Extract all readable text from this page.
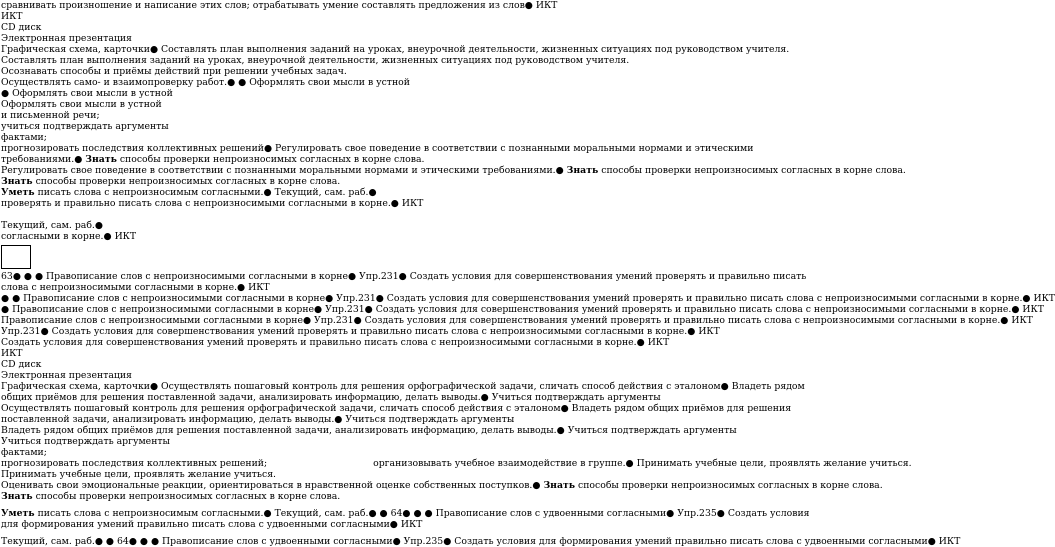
сравнивать произношение и написание этих слов; отрабатывать умение составлять предложения из слов● ИКТ
ИКТ
CD диск
Электронная презентация
Графическая схема, карточки● Составлять план выполнения заданий на уроках, внеурочной деятельности, жизненных ситуациях под руководством учителя.
Составлять план выполнения заданий на уроках, внеурочной деятельности, жизненных ситуациях под руководством учителя.
Осознавать способы и приёмы действий при решении учебных задач.
Осуществлять само- и взаимопроверку работ.● ● Оформлять свои мысли в устной
● Оформлять свои мысли в устной
Оформлять свои мысли в устной
и письменной речи;
учиться подтверждать аргументы
фактами;
прогнозировать последствия коллективных решений● Регулировать свое поведение в соответствии с познанными моральными нормами и этическими требованиями.● Знать способы проверки непроизносимых согласных в корне слова.
Регулировать свое поведение в соответствии с познанными моральными нормами и этическими требованиями.● Знать способы проверки непроизносимых согласных в корне слова.
Знать способы проверки непроизносимых согласных в корне слова.
Уметь писать слова с непроизносимым согласными.● Текущий, сам. раб.●
проверять и правильно писать слова с непроизносимыми согласными в корне.● ИКТ
Текущий, сам. раб.●
согласными в корне.● ИКТ
63● ● ● Правописание слов с непроизносимыми согласными в корне● Упр.231● Создать условия для совершенствования умений проверять и правильно писать слова с непроизносимыми согласными в корне.● ИКТ
● ● Правописание слов с непроизносимыми согласными в корне● Упр.231● Создать условия для совершенствования умений проверять и правильно писать слова с непроизносимыми согласными в корне.● ИКТ
● Правописание слов с непроизносимыми согласными в корне● Упр.231● Создать условия для совершенствования умений проверять и правильно писать слова с непроизносимыми согласными в корне.● ИКТ
Правописание слов с непроизносимыми согласными в корне● Упр.231● Создать условия для совершенствования умений проверять и правильно писать слова с непроизносимыми согласными в корне.● ИКТ
Упр.231● Создать условия для совершенствования умений проверять и правильно писать слова с непроизносимыми согласными в корне.● ИКТ
Создать условия для совершенствования умений проверять и правильно писать слова с непроизносимыми согласными в корне.● ИКТ
ИКТ
CD диск
Электронная презентация
Графическая схема, карточки● Осуществлять пошаговый контроль для решения орфографической задачи, сличать способ действия с эталоном● Владеть рядом общих приёмов для решения поставленной задачи, анализировать информацию, делать выводы.● Учиться подтверждать аргументы
Осуществлять пошаговый контроль для решения орфографической задачи, сличать способ действия с эталоном● Владеть рядом общих приёмов для решения поставленной задачи, анализировать информацию, делать выводы.● Учиться подтверждать аргументы
Владеть рядом общих приёмов для решения поставленной задачи, анализировать информацию, делать выводы.● Учиться подтверждать аргументы
Учиться подтверждать аргументы
фактами;
прогнозировать последствия коллективных решений;	организовывать учебное взаимодействие в группе.● Принимать учебные цели, проявлять желание учиться.
Принимать учебные цели, проявлять желание учиться.
Оценивать свои эмоциональные реакции, ориентироваться в нравственной оценке собственных поступков.● Знать способы проверки непроизносимых согласных в корне слова.
Знать способы проверки непроизносимых согласных в корне слова.
Уметь писать слова с непроизносимым согласными.● Текущий, сам. раб.● ● 64● ● ● Правописание слов с удвоенными согласными● Упр.235● Создать условия для формирования умений правильно писать слова с удвоенными согласными● ИКТ
Текущий, сам. раб.● ● 64● ● ● Правописание слов с удвоенными согласными● Упр.235● Создать условия для формирования умений правильно писать слова с удвоенными согласными● ИКТ
